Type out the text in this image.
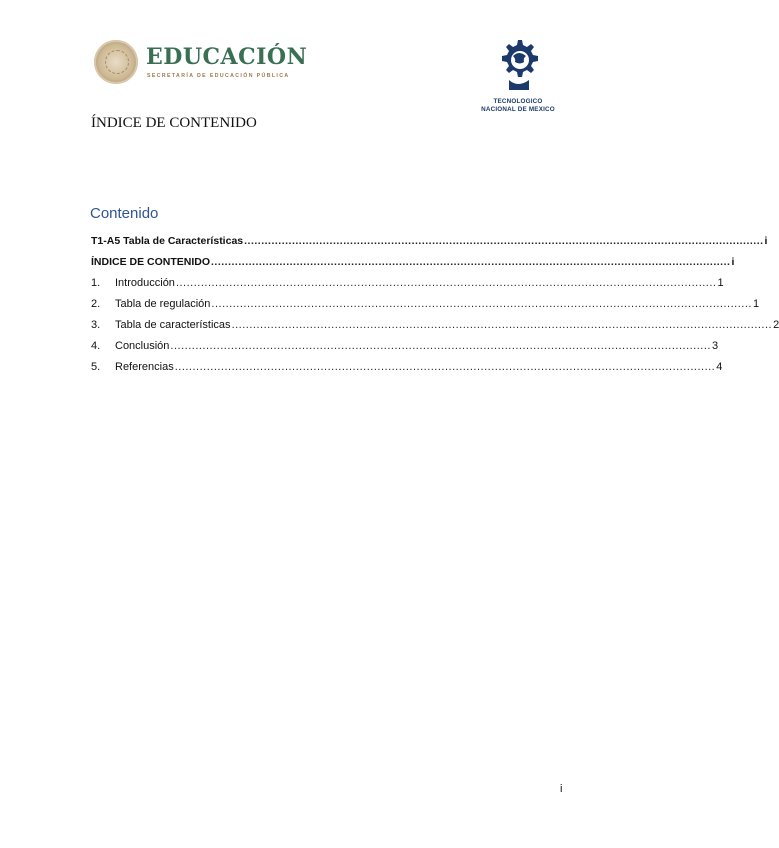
EDUCACIÓN
SECRETARÍA DE EDUCACIÓN PÚBLICA
TECNOLOGICO
NACIONAL DE MEXICO
ÍNDICE DE CONTENIDO
Contenido
T1-A5 Tabla de Características ........................................................................................................................................................ i
ÍNDICE DE CONTENIDO ........................................................................................................................................................ i
1.	Introducción ........................................................................................................................................................ 1
2.	Tabla de regulación ........................................................................................................................................................ 1
3.	Tabla de características ........................................................................................................................................................ 2
4.	Conclusión ........................................................................................................................................................ 3
5.	Referencias ........................................................................................................................................................ 4
i
